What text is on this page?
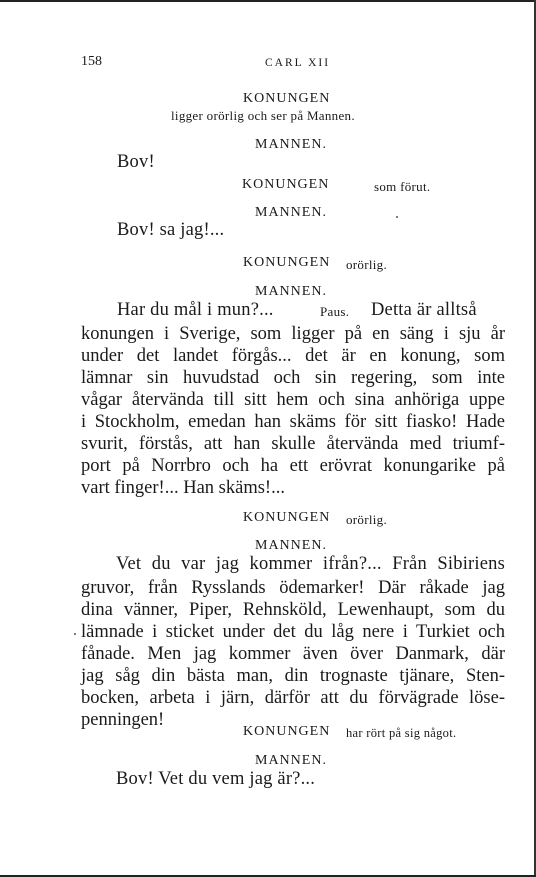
158	CARL XII
KONUNGEN
ligger orörlig och ser på Mannen.
MANNEN.
Bov!
KONUNGEN	som förut.
MANNEN.
Bov! sa jag!...
KONUNGEN orörlig.
MANNEN.
Har du mål i mun?...	Paus. Detta är alltså
konungen i Sverige, som ligger på en säng i sju år
under det landet förgås... det är en konung, som
lämnar sin huvudstad och sin regering, som inte
vågar återvända till sitt hem och sina anhöriga uppe
i Stockholm, emedan han skäms för sitt fiasko! Hade
svurit, förstås, att han skulle återvända med triumf-
port på Norrbro och ha ett erövrat konungarike på
vart finger!... Han skäms!...
KONUNGEN orörlig.
MANNEN.
Vet du var jag kommer ifrån?... Från Sibiriens
gruvor, från Rysslands ödemarker! Där råkade jag
dina vänner, Piper, Rehnsköld, Lewenhaupt, som du
lämnade i sticket under det du låg nere i Turkiet och
fånade. Men jag kommer även över Danmark, där
jag såg din bästa man, din trognaste tjänare, Sten-
bocken, arbeta i järn, därför att du förvägrade löse-
penningen!
KONUNGEN har rört på sig något.
MANNEN.
Bov! Vet du vem jag är?...
